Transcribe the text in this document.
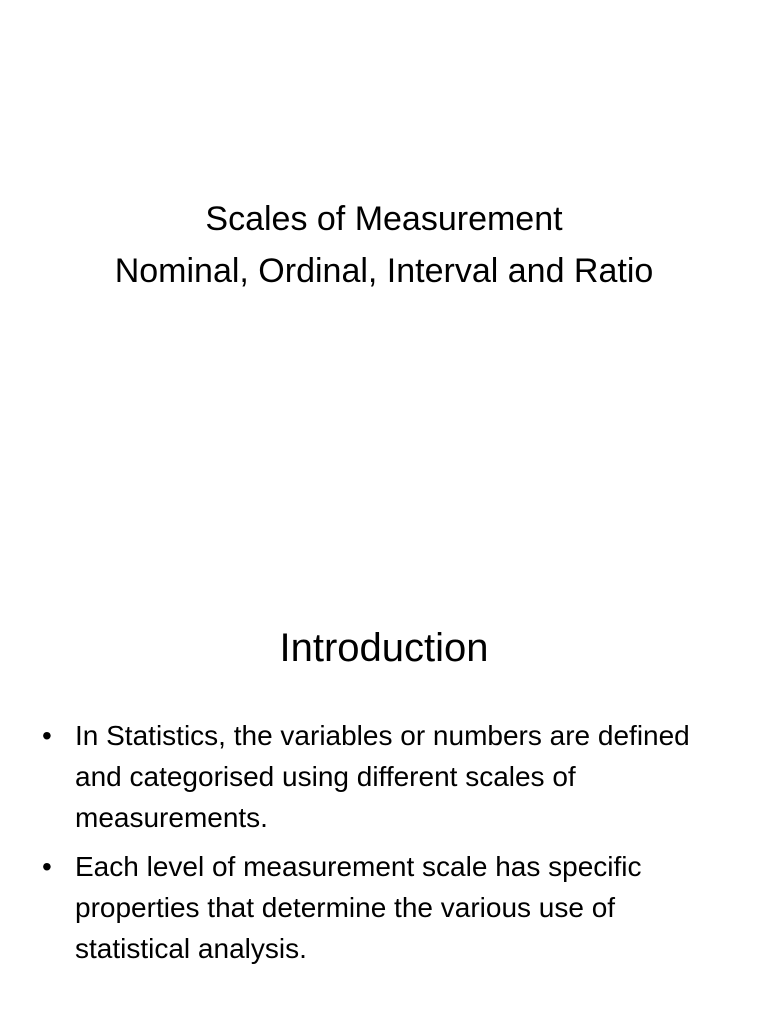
Scales of Measurement
Nominal, Ordinal, Interval and Ratio
Introduction
• In Statistics, the variables or numbers are defined and categorised using different scales of measurements.
• Each level of measurement scale has specific properties that determine the various use of statistical analysis.
